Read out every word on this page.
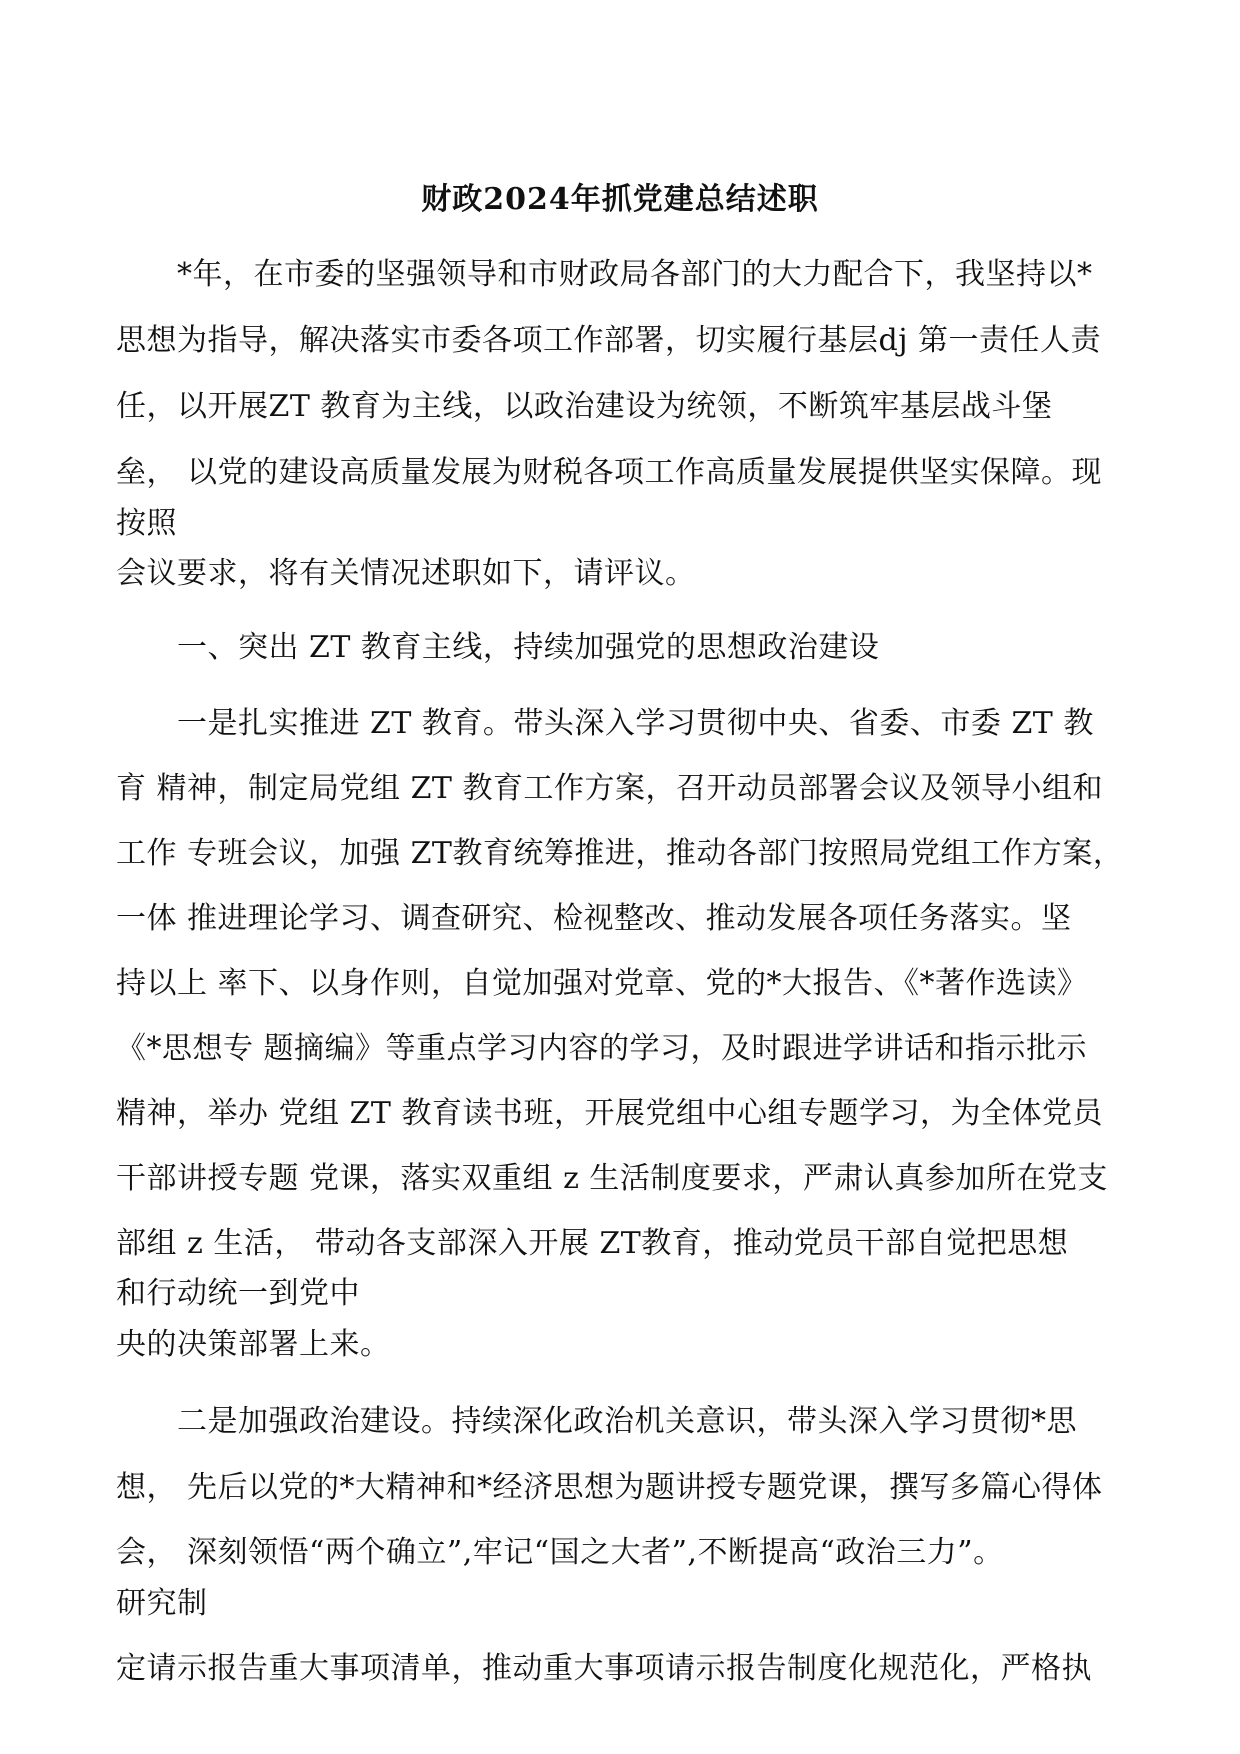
财政2024年抓党建总结述职
　　*年，在市委的坚强领导和市财政局各部门的大力配合下，我坚持以*
思想为指导，解决落实市委各项工作部署，切实履行基层dj 第一责任人责
任，以开展ZT 教育为主线，以政治建设为统领，不断筑牢基层战斗堡
垒， 以党的建设高质量发展为财税各项工作高质量发展提供坚实保障。现
按照
会议要求，将有关情况述职如下，请评议。
　　一、突出 ZT 教育主线，持续加强党的思想政治建设
　　一是扎实推进 ZT 教育。带头深入学习贯彻中央、省委、市委 ZT 教
育 精神，制定局党组 ZT 教育工作方案，召开动员部署会议及领导小组和
工作 专班会议，加强 ZT教育统筹推进，推动各部门按照局党组工作方案，
一体 推进理论学习、调查研究、检视整改、推动发展各项任务落实。坚
持以上 率下、以身作则，自觉加强对党章、党的*大报告、《*著作选读》
《*思想专 题摘编》等重点学习内容的学习，及时跟进学讲话和指示批示
精神，举办 党组 ZT 教育读书班，开展党组中心组专题学习，为全体党员
干部讲授专题 党课，落实双重组 z 生活制度要求，严肃认真参加所在党支
部组 z 生活， 带动各支部深入开展 ZT教育，推动党员干部自觉把思想
和行动统一到党中
央的决策部署上来。
　　二是加强政治建设。持续深化政治机关意识，带头深入学习贯彻*思
想， 先后以党的*大精神和*经济思想为题讲授专题党课，撰写多篇心得体
会， 深刻领悟“两个确立”,牢记“国之大者”,不断提高“政治三力”。
研究制
定请示报告重大事项清单，推动重大事项请示报告制度化规范化，严格执
